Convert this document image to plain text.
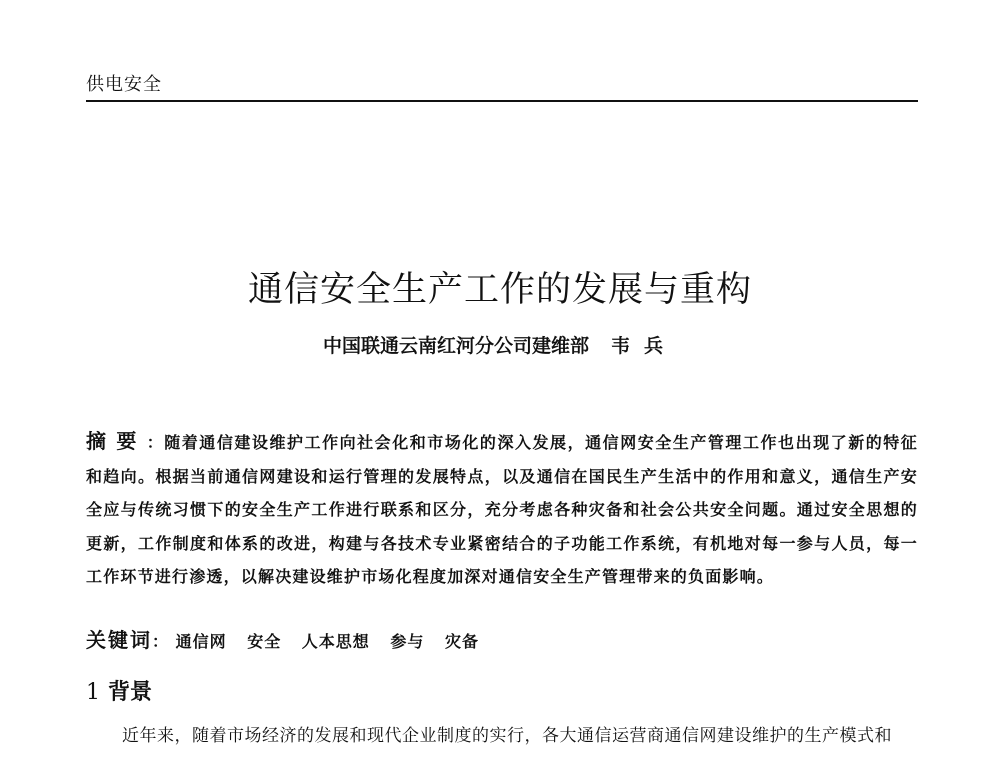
供电安全
通信安全生产工作的发展与重构
中国联通云南红河分公司建维部 韦兵
摘要：随着通信建设维护工作向社会化和市场化的深入发展，通信网安全生产管理工作也出现了新的特征和趋向。根据当前通信网建设和运行管理的发展特点，以及通信在国民生产生活中的作用和意义，通信生产安全应与传统习惯下的安全生产工作进行联系和区分，充分考虑各种灾备和社会公共安全问题。通过安全思想的更新，工作制度和体系的改进，构建与各技术专业紧密结合的子功能工作系统，有机地对每一参与人员，每一工作环节进行渗透，以解决建设维护市场化程度加深对通信安全生产管理带来的负面影响。
关键词： 通信网 安全 人本思想 参与 灾备
1 背景
近年来，随着市场经济的发展和现代企业制度的实行，各大通信运营商通信网建设维护的生产模式和
